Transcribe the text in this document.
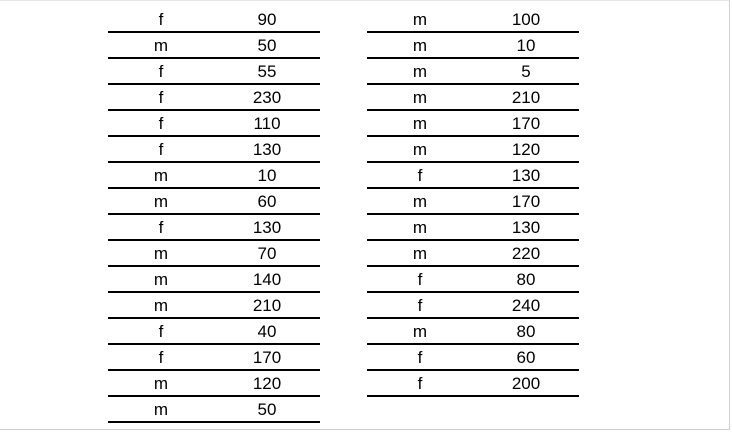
f	90
m	50
f	55
f	230
f	110
f	130
m	10
m	60
f	130
m	70
m	140
m	210
f	40
f	170
m	120
m	50
m	100
m	10
m	5
m	210
m	170
m	120
f	130
m	170
m	130
m	220
f	80
f	240
m	80
f	60
f	200
